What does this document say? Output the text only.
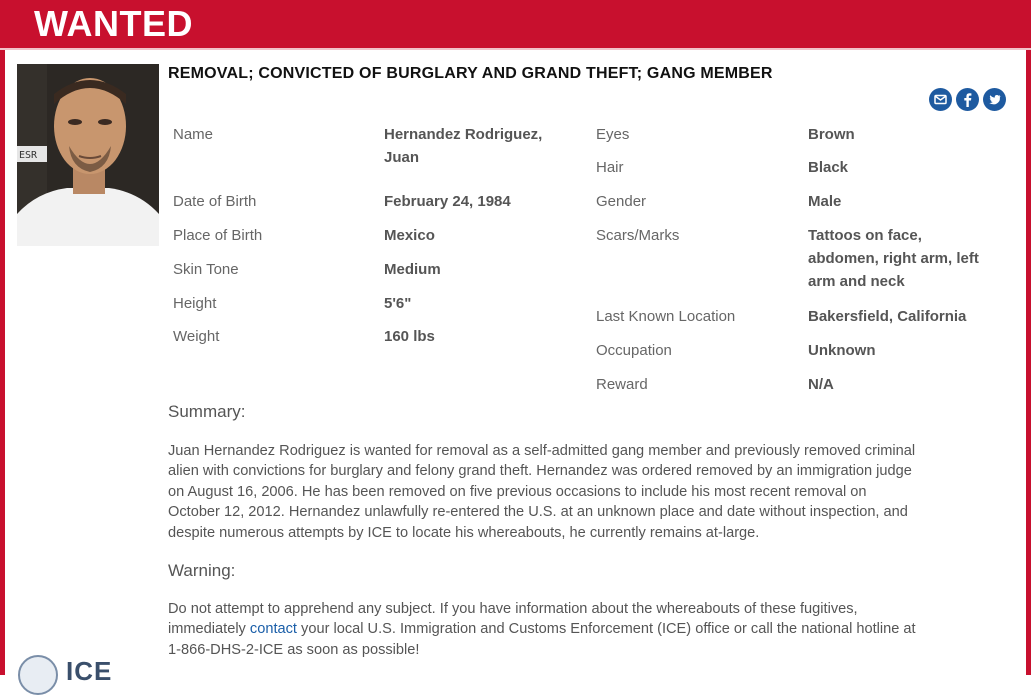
WANTED
ESR
REMOVAL; CONVICTED OF BURGLARY AND GRAND THEFT; GANG MEMBER
Name	Hernandez Rodriguez,
Juan
Date of Birth	February 24, 1984
Place of Birth	Mexico
Skin Tone	Medium
Height	5'6"
Weight	160 lbs
Eyes	Brown
Hair	Black
Gender	Male
Scars/Marks	Tattoos on face,
abdomen, right arm, left
arm and neck
Last Known Location	Bakersfield, California
Occupation	Unknown
Reward	N/A
Summary:
Juan Hernandez Rodriguez is wanted for removal as a self-admitted gang member and previously removed criminal
alien with convictions for burglary and felony grand theft. Hernandez was ordered removed by an immigration judge
on August 16, 2006. He has been removed on five previous occasions to include his most recent removal on
October 12, 2012. Hernandez unlawfully re-entered the U.S. at an unknown place and date without inspection, and
despite numerous attempts by ICE to locate his whereabouts, he currently remains at-large.
Warning:
Do not attempt to apprehend any subject. If you have information about the whereabouts of these fugitives,
immediately contact your local U.S. Immigration and Customs Enforcement (ICE) office or call the national hotline at
1-866-DHS-2-ICE as soon as possible!
ICE
